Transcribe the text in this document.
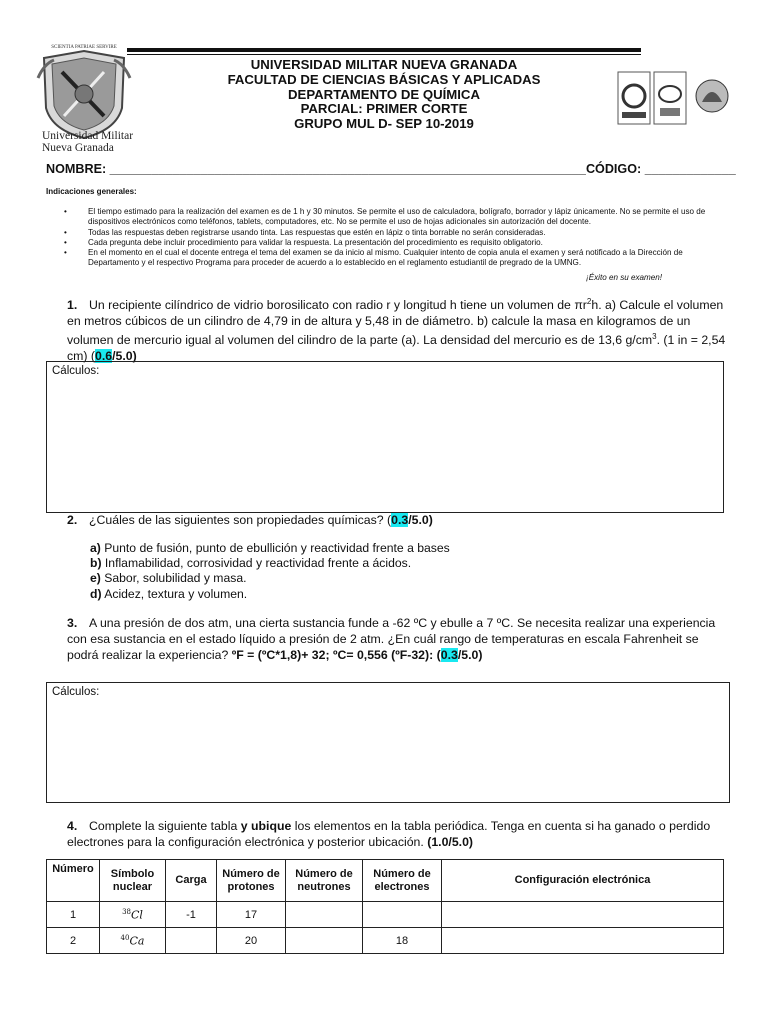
SCIENTIA PATRIAE SERVIRE
Universidad Militar
Nueva Granada
UNIVERSIDAD MILITAR NUEVA GRANADA
FACULTAD DE CIENCIAS BÁSICAS Y APLICADAS
DEPARTAMENTO DE QUÍMICA
PARCIAL: PRIMER CORTE
GRUPO MUL D- SEP 10-2019
NOMBRE: ____________________________________________________________________CÓDIGO: _____________
Indicaciones generales:
• El tiempo estimado para la realización del examen es de 1 h y 30 minutos. Se permite el uso de calculadora, bolígrafo, borrador y lápiz únicamente. No se permite el uso de dispositivos electrónicos como teléfonos, tablets, computadores, etc. No se permite el uso de hojas adicionales sin autorización del docente.
• Todas las respuestas deben registrarse usando tinta. Las respuestas que estén en lápiz o tinta borrable no serán consideradas.
• Cada pregunta debe incluir procedimiento para validar la respuesta. La presentación del procedimiento es requisito obligatorio.
• En el momento en el cual el docente entrega el tema del examen se da inicio al mismo. Cualquier intento de copia anula el examen y será notificado a la Dirección de Departamento y el respectivo Programa para proceder de acuerdo a lo establecido en el reglamento estudiantil de pregrado de la UMNG.
¡Éxito en su examen!
1. Un recipiente cilíndrico de vidrio borosilicato con radio r y longitud h tiene un volumen de $\pi r^2h$. a) Calcule el volumen en metros cúbicos de un cilindro de 4,79 in de altura y 5,48 in de diámetro. b) calcule la masa en kilogramos de un volumen de mercurio igual al volumen del cilindro de la parte (a). La densidad del mercurio es de 13,6 $g/cm^3$. (1 in = 2,54 cm) (0.6/5.0)
Cálculos:
2. ¿Cuáles de las siguientes son propiedades químicas? (0.3/5.0)
a) Punto de fusión, punto de ebullición y reactividad frente a bases
b) Inflamabilidad, corrosividad y reactividad frente a ácidos.
e) Sabor, solubilidad y masa.
d) Acidez, textura y volumen.
3. A una presión de dos atm, una cierta sustancia funde a -62 ºC y ebulle a 7 ºC. Se necesita realizar una experiencia con esa sustancia en el estado líquido a presión de 2 atm. ¿En cuál rango de temperaturas en escala Fahrenheit se podrá realizar la experiencia? ºF = (ºC*1,8)+ 32; ºC= 0,556 (ºF-32): (0.3/5.0)
Cálculos:
4. Complete la siguiente tabla y ubique los elementos en la tabla periódica. Tenga en cuenta si ha ganado o perdido electrones para la configuración electrónica y posterior ubicación. (1.0/5.0)
Número	Símbolo nuclear	Carga	Número de protones	Número de neutrones	Número de electrones	Configuración electrónica
1	$^{38}$Cl	-1	17			
2	$^{40}$Ca		20		18	
